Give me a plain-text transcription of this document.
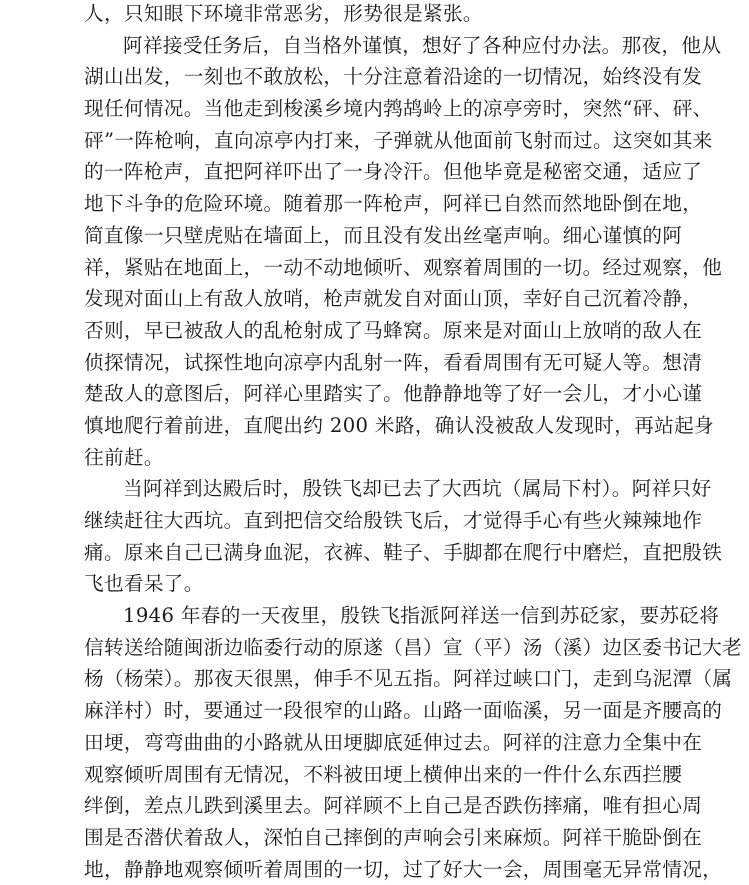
人，只知眼下环境非常恶劣，形势很是紧张。

阿祥接受任务后，自当格外谨慎，想好了各种应付办法。那夜，他从
湖山出发，一刻也不敢放松，十分注意着沿途的一切情况，始终没有发
现任何情况。当他走到梭溪乡境内鹁鸪岭上的凉亭旁时，突然“砰、砰、
砰”一阵枪响，直向凉亭内打来，子弹就从他面前飞射而过。这突如其来
的一阵枪声，直把阿祥吓出了一身冷汗。但他毕竟是秘密交通，适应了
地下斗争的危险环境。随着那一阵枪声，阿祥已自然而然地卧倒在地，
简直像一只壁虎贴在墙面上，而且没有发出丝毫声响。细心谨慎的阿
祥，紧贴在地面上，一动不动地倾听、观察着周围的一切。经过观察，他
发现对面山上有敌人放哨，枪声就发自对面山顶，幸好自己沉着冷静，
否则，早已被敌人的乱枪射成了马蜂窝。原来是对面山上放哨的敌人在
侦探情况，试探性地向凉亭内乱射一阵，看看周围有无可疑人等。想清
楚敌人的意图后，阿祥心里踏实了。他静静地等了好一会儿，才小心谨
慎地爬行着前进，直爬出约 200 米路，确认没被敌人发现时，再站起身
往前赶。

当阿祥到达殿后时，殷铁飞却已去了大西坑（属局下村）。阿祥只好
继续赶往大西坑。直到把信交给殷铁飞后，才觉得手心有些火辣辣地作
痛。原来自己已满身血泥，衣裤、鞋子、手脚都在爬行中磨烂，直把殷铁
飞也看呆了。

1946 年春的一天夜里，殷铁飞指派阿祥送一信到苏砭家，要苏砭将
信转送给随闽浙边临委行动的原遂（昌）宣（平）汤（溪）边区委书记大老
杨（杨荣）。那夜天很黑，伸手不见五指。阿祥过峡口门，走到乌泥潭（属
麻洋村）时，要通过一段很窄的山路。山路一面临溪，另一面是齐腰高的
田埂，弯弯曲曲的小路就从田埂脚底延伸过去。阿祥的注意力全集中在
观察倾听周围有无情况，不料被田埂上横伸出来的一件什么东西拦腰
绊倒，差点儿跌到溪里去。阿祥顾不上自己是否跌伤摔痛，唯有担心周
围是否潜伏着敌人，深怕自己摔倒的声响会引来麻烦。阿祥干脆卧倒在
地，静静地观察倾听着周围的一切，过了好大一会，周围毫无异常情况，
